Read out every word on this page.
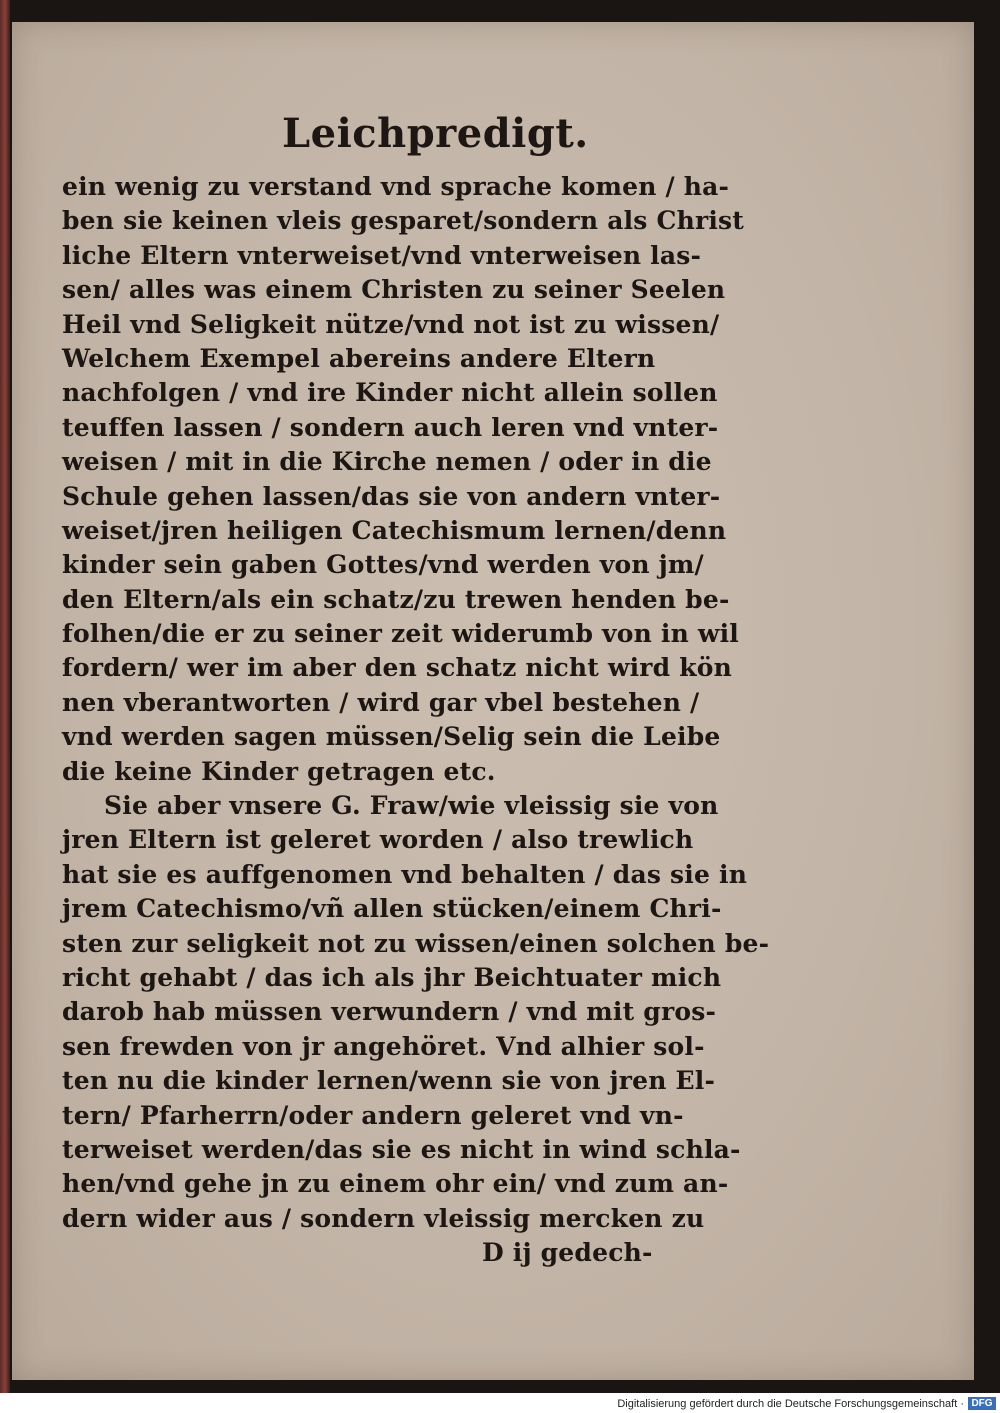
Leichpredigt.
ein wenig zu verstand vnd sprache komen / ha-
ben sie keinen vleis gesparet/sondern als Christ
liche Eltern vnterweiset/vnd vnterweisen las-
sen/ alles was einem Christen zu seiner Seelen
Heil vnd Seligkeit nütze/vnd not ist zu wissen/
Welchem Exempel abereins andere Eltern
nachfolgen / vnd ire Kinder nicht allein sollen
teuffen lassen / sondern auch leren vnd vnter-
weisen / mit in die Kirche nemen / oder in die
Schule gehen lassen/das sie von andern vnter-
weiset/jren heiligen Catechismum lernen/denn
kinder sein gaben Gottes/vnd werden von jm/
den Eltern/als ein schatz/zu trewen henden be-
folhen/die er zu seiner zeit widerumb von in wil
fordern/ wer im aber den schatz nicht wird kön
nen vberantworten / wird gar vbel bestehen /
vnd werden sagen müssen/Selig sein die Leibe
die keine Kinder getragen etc.
Sie aber vnsere G. Fraw/wie vleissig sie von
jren Eltern ist geleret worden / also trewlich
hat sie es auffgenomen vnd behalten / das sie in
jrem Catechismo/vñ allen stücken/einem Chri-
sten zur seligkeit not zu wissen/einen solchen be-
richt gehabt / das ich als jhr Beichtuater mich
darob hab müssen verwundern / vnd mit gros-
sen frewden von jr angehöret. Vnd alhier sol-
ten nu die kinder lernen/wenn sie von jren El-
tern/ Pfarherrn/oder andern geleret vnd vn-
terweiset werden/das sie es nicht in wind schla-
hen/vnd gehe jn zu einem ohr ein/ vnd zum an-
dern wider aus / sondern vleissig mercken zu
D ij gedech-
Digitalisierung gefördert durch die Deutsche Forschungsgemeinschaft · DFG
